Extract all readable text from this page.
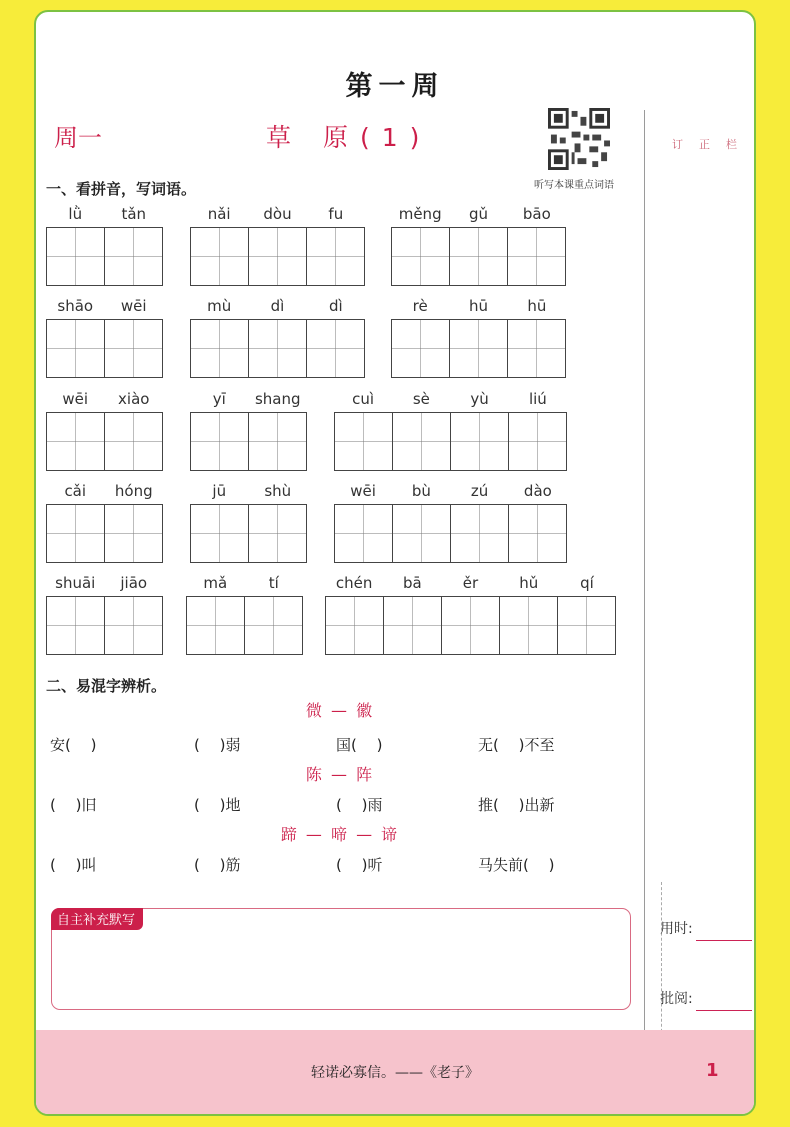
第一周
周一	草 原(1)
听写本课重点词语
订正栏
用时:
批阅:
一、看拼音，写词语。
lǜ	tǎn	nǎi	dòu	fu	měng	gǔ	bāo
shāo	wēi	mù	dì	dì	rè	hū	hū
wēi	xiào	yī	shang	cuì	sè	yù	liú
cǎi	hóng	jū	shù	wēi	bù	zú	dào
shuāi	jiāo	mǎ	tí	chén	bā	ěr	hǔ	qí
二、易混字辨析。
微 — 徽
安(　 )	(　 )弱	国(　 )	无(　 )不至
陈 — 阵
(　 )旧	(　 )地	(　 )雨	推(　 )出新
蹄 — 啼 — 谛
(　 )叫	(　 )筋	(　 )听	马失前(　 )
自主补充默写
轻诺必寡信。——《老子》	1
